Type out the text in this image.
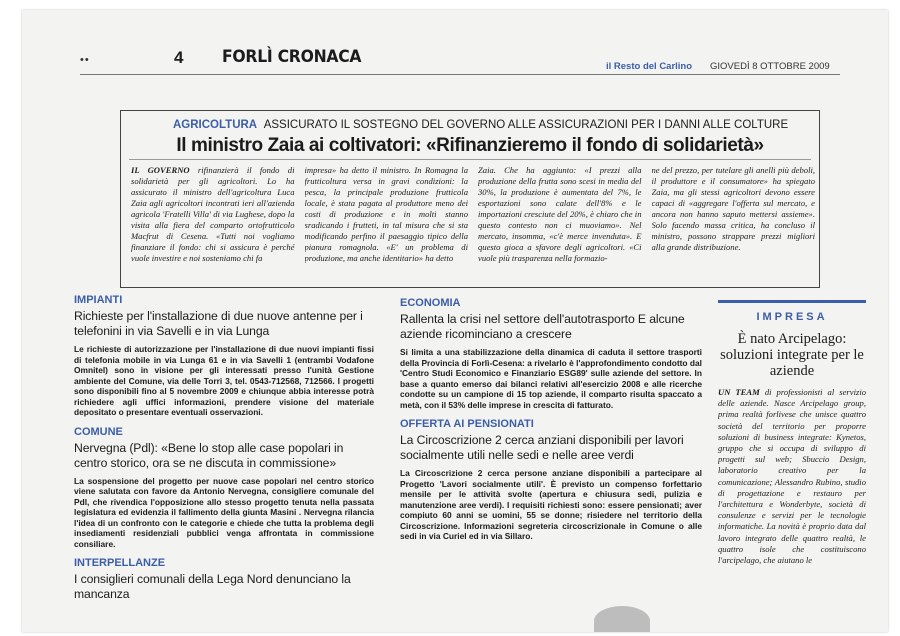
••	4 FORLÌ CRONACA	il Resto del Carlino GIOVEDÌ 8 OTTOBRE 2009
AGRICOLTURA ASSICURATO IL SOSTEGNO DEL GOVERNO ALLE ASSICURAZIONI PER I DANNI ALLE COLTURE
Il ministro Zaia ai coltivatori: «Rifinanzieremo il fondo di solidarietà»
IL GOVERNO rifinanzierà il fondo di solidarietà per gli agricoltori. Lo ha assicurato il ministro dell'agricoltura Luca Zaia agli agricoltori incontrati ieri all'azienda agricola 'Fratelli Villa' di via Lughese, dopo la visita alla fiera del comparto ortofrutticolo Macfrut di Cesena. «Tutti noi vogliamo finanziare il fondo: chi si assicura è perché vuole investire e noi sosteniamo chi fa
impresa» ha detto il ministro. In Romagna la frutticoltura versa in gravi condizioni: la pesca, la principale produzione frutticola locale, è stata pagata al produttore meno dei costi di produzione e in molti stanno sradicando i frutteti, in tal misura che si sta modificando perfino il paesaggio tipico della pianura romagnola. «E' un problema di produzione, ma anche identitario» ha detto
Zaia. Che ha aggiunto: «I prezzi alla produzione della frutta sono scesi in media del 30%, la produzione è aumentata del 7%, le esportazioni sono calate dell'8% e le importazioni cresciute del 20%, è chiaro che in questo contesto non ci muoviamo». Nel mercato, insomma, «c'è merce invenduta». E questo gioca a sfavore degli agricoltori. «Ci vuole più trasparenza nella formazio-
ne del prezzo, per tutelare gli anelli più deboli, il produttore e il consumatore» ha spiegato Zaia, ma gli stessi agricoltori devono essere capaci di «aggregare l'offerta sul mercato, e ancora non hanno saputo mettersi assieme». Solo facendo massa critica, ha concluso il ministro, possono strappare prezzi migliori alla grande distribuzione.
IMPIANTI
Richieste per l'installazione di due nuove antenne per i telefonini in via Savelli e in via Lunga
Le richieste di autorizzazione per l'installazione di due nuovi impianti fissi di telefonia mobile in via Lunga 61 e in via Savelli 1 (entrambi Vodafone Omnitel) sono in visione per gli interessati presso l'unità Gestione ambiente del Comune, via delle Torri 3, tel. 0543-712568, 712566. I progetti sono disponibili fino al 5 novembre 2009 e chiunque abbia interesse potrà richiedere agli uffici informazioni, prendere visione del materiale depositato o presentare eventuali osservazioni.
COMUNE
Nervegna (Pdl): «Bene lo stop alle case popolari in centro storico, ora se ne discuta in commissione»
La sospensione del progetto per nuove case popolari nel centro storico viene salutata con favore da Antonio Nervegna, consigliere comunale del Pdl, che rivendica l'opposizione allo stesso progetto tenuta nella passata legislatura ed evidenzia il fallimento della giunta Masini . Nervegna rilancia l'idea di un confronto con le categorie e chiede che tutta la problema degli insediamenti residenziali pubblici venga affrontata in commissione consiliare.
INTERPELLANZE
I consiglieri comunali della Lega Nord denunciano la mancanza
ECONOMIA
Rallenta la crisi nel settore dell'autotrasporto E alcune aziende ricominciano a crescere
Si limita a una stabilizzazione della dinamica di caduta il settore trasporti della Provincia di Forlì-Cesena: a rivelarlo è l'approfondimento condotto dal 'Centro Studi Economico e Finanziario ESG89' sulle aziende del settore. In base a quanto emerso dai bilanci relativi all'esercizio 2008 e alle ricerche condotte su un campione di 15 top aziende, il comparto risulta spaccato a metà, con il 53% delle imprese in crescita di fatturato.
OFFERTA AI PENSIONATI
La Circoscrizione 2 cerca anziani disponibili per lavori socialmente utili nelle sedi e nelle aree verdi
La Circoscrizione 2 cerca persone anziane disponibili a partecipare al Progetto 'Lavori socialmente utili'. È previsto un compenso forfettario mensile per le attività svolte (apertura e chiusura sedi, pulizia e manutenzione aree verdi). I requisiti richiesti sono: essere pensionati; aver compiuto 60 anni se uomini, 55 se donne; risiedere nel territorio della Circoscrizione. Informazioni segreteria circoscrizionale in Comune o alle sedi in via Curiel ed in via Sillaro.
IMPRESA
È nato Arcipelago: soluzioni integrate per le aziende
UN TEAM di professionisti al servizio delle aziende. Nasce Arcipelago group, prima realtà forlivese che unisce quattro società del territorio per proporre soluzioni di business integrate: Kynetos, gruppo che si occupa di sviluppo di progetti sul web; Sbuccio Design, laboratorio creativo per la comunicazione; Alessandro Rubino, studio di progettazione e restauro per l'architettura e Wonderbyte, società di consulenze e servizi per le tecnologie informatiche. La novità è proprio data dal lavoro integrato delle quattro realtà, le quattro isole che costituiscono l'arcipelago, che aiutano le
